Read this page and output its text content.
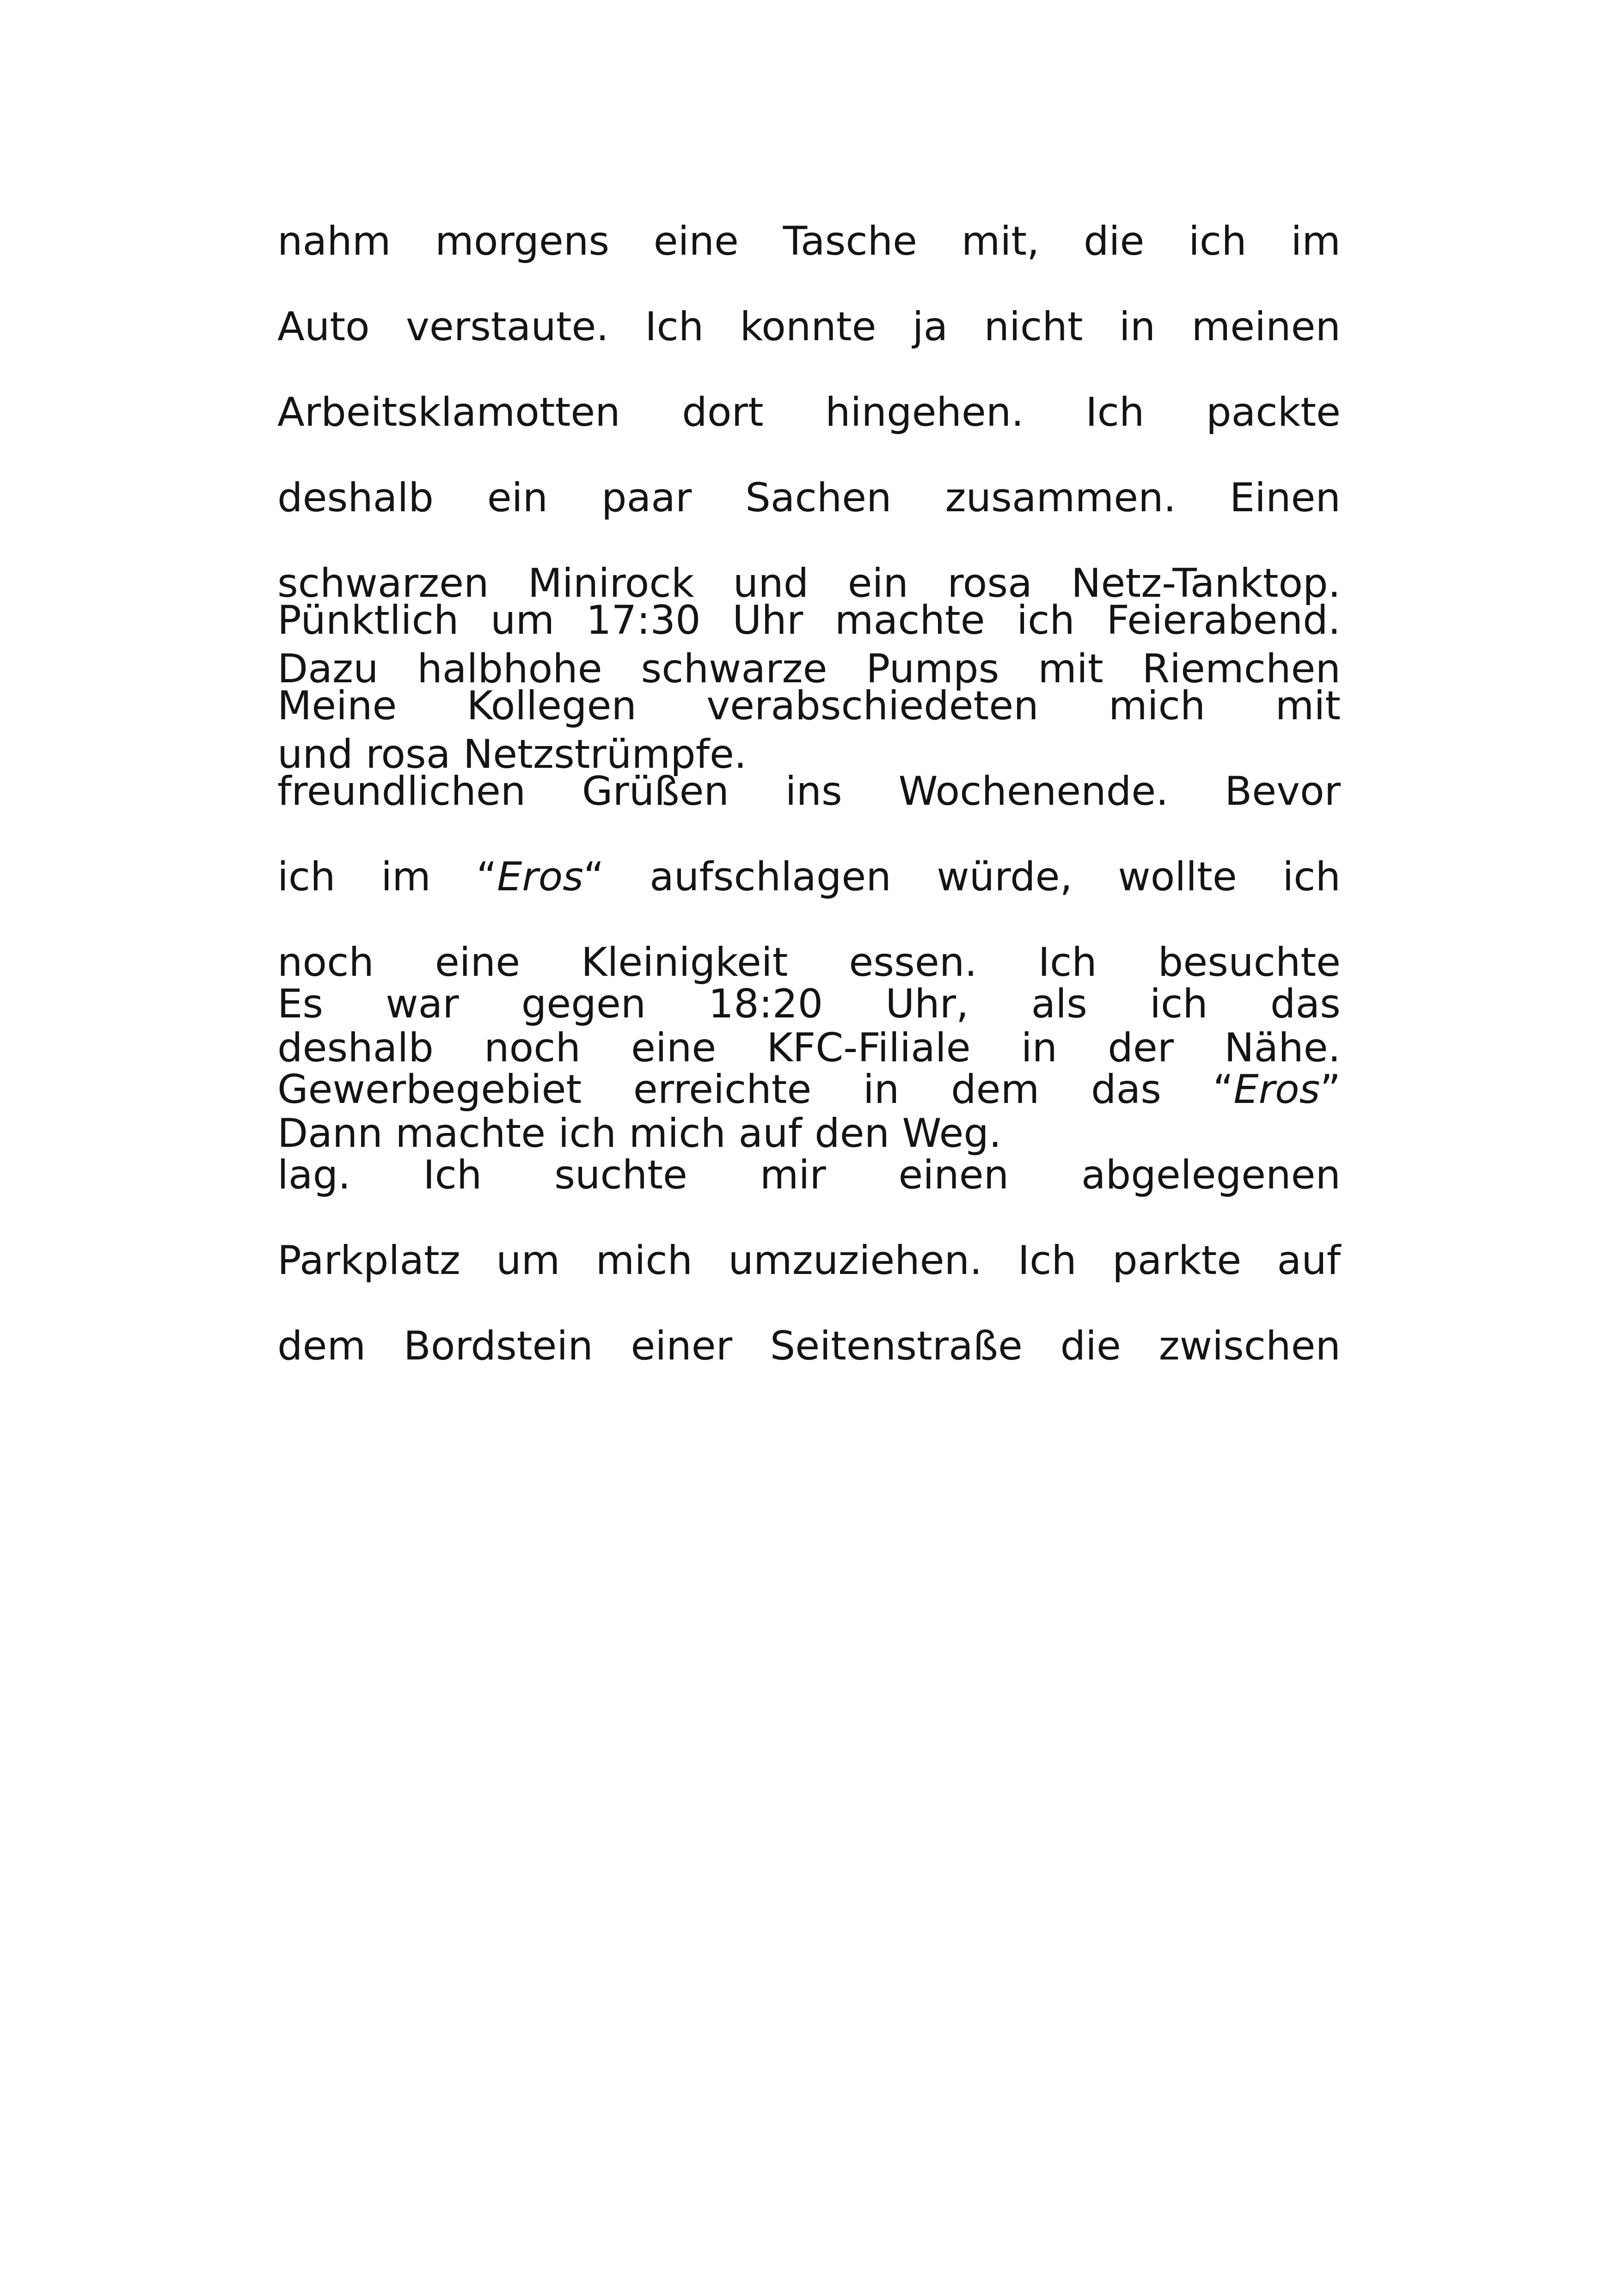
nahm morgens eine Tasche mit, die ich im
Auto verstaute. Ich konnte ja nicht in meinen
Arbeitsklamotten dort hingehen. Ich packte
deshalb ein paar Sachen zusammen. Einen
schwarzen Minirock und ein rosa Netz-Tanktop.
Dazu halbhohe schwarze Pumps mit Riemchen
und rosa Netzstrümpfe.
Pünktlich um 17:30 Uhr machte ich Feierabend.
Meine Kollegen verabschiedeten mich mit
freundlichen Grüßen ins Wochenende. Bevor
ich im “Eros“ aufschlagen würde, wollte ich
noch eine Kleinigkeit essen. Ich besuchte
deshalb noch eine KFC-Filiale in der Nähe.
Dann machte ich mich auf den Weg.
Es war gegen 18:20 Uhr, als ich das
Gewerbegebiet erreichte in dem das “Eros”
lag. Ich suchte mir einen abgelegenen
Parkplatz um mich umzuziehen. Ich parkte auf
dem Bordstein einer Seitenstraße die zwischen
